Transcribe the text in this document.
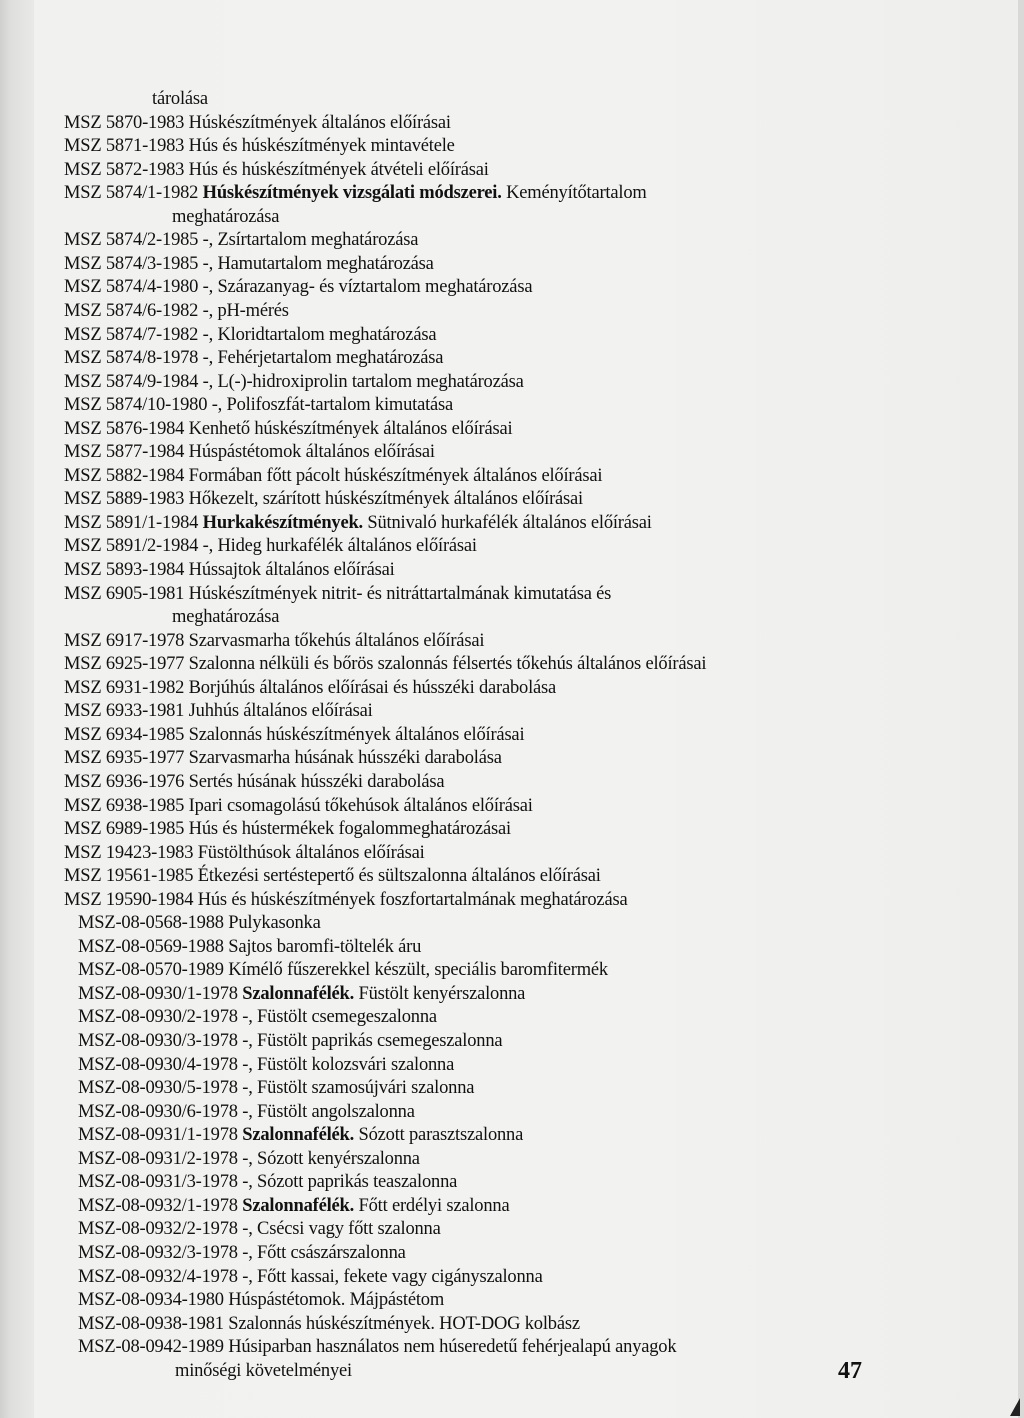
tárolása
MSZ 5870-1983 Húskészítmények általános előírásai
MSZ 5871-1983 Hús és húskészítmények mintavétele
MSZ 5872-1983 Hús és húskészítmények átvételi előírásai
MSZ 5874/1-1982 Húskészítmények vizsgálati módszerei. Keményítőtartalom
meghatározása
MSZ 5874/2-1985 -, Zsírtartalom meghatározása
MSZ 5874/3-1985 -, Hamutartalom meghatározása
MSZ 5874/4-1980 -, Szárazanyag- és víztartalom meghatározása
MSZ 5874/6-1982 -, pH-mérés
MSZ 5874/7-1982 -, Kloridtartalom meghatározása
MSZ 5874/8-1978 -, Fehérjetartalom meghatározása
MSZ 5874/9-1984 -, L(-)-hidroxiprolin tartalom meghatározása
MSZ 5874/10-1980 -, Polifoszfát-tartalom kimutatása
MSZ 5876-1984 Kenhető húskészítmények általános előírásai
MSZ 5877-1984 Húspástétomok általános előírásai
MSZ 5882-1984 Formában főtt pácolt húskészítmények általános előírásai
MSZ 5889-1983 Hőkezelt, szárított húskészítmények általános előírásai
MSZ 5891/1-1984 Hurkakészítmények. Sütnivaló hurkafélék általános előírásai
MSZ 5891/2-1984 -, Hideg hurkafélék általános előírásai
MSZ 5893-1984 Hússajtok általános előírásai
MSZ 6905-1981 Húskészítmények nitrit- és nitráttartalmának kimutatása és
meghatározása
MSZ 6917-1978 Szarvasmarha tőkehús általános előírásai
MSZ 6925-1977 Szalonna nélküli és bőrös szalonnás félsertés tőkehús általános előírásai
MSZ 6931-1982 Borjúhús általános előírásai és hússzéki darabolása
MSZ 6933-1981 Juhhús általános előírásai
MSZ 6934-1985 Szalonnás húskészítmények általános előírásai
MSZ 6935-1977 Szarvasmarha húsának hússzéki darabolása
MSZ 6936-1976 Sertés húsának hússzéki darabolása
MSZ 6938-1985 Ipari csomagolású tőkehúsok általános előírásai
MSZ 6989-1985 Hús és hústermékek fogalommeghatározásai
MSZ 19423-1983 Füstölthúsok általános előírásai
MSZ 19561-1985 Étkezési sertéstepertő és sültszalonna általános előírásai
MSZ 19590-1984 Hús és húskészítmények foszfortartalmának meghatározása
MSZ-08-0568-1988 Pulykasonka
MSZ-08-0569-1988 Sajtos baromfi-töltelék áru
MSZ-08-0570-1989 Kímélő fűszerekkel készült, speciális baromfitermék
MSZ-08-0930/1-1978 Szalonnafélék. Füstölt kenyérszalonna
MSZ-08-0930/2-1978 -, Füstölt csemegeszalonna
MSZ-08-0930/3-1978 -, Füstölt paprikás csemegeszalonna
MSZ-08-0930/4-1978 -, Füstölt kolozsvári szalonna
MSZ-08-0930/5-1978 -, Füstölt szamosújvári szalonna
MSZ-08-0930/6-1978 -, Füstölt angolszalonna
MSZ-08-0931/1-1978 Szalonnafélék. Sózott parasztszalonna
MSZ-08-0931/2-1978 -, Sózott kenyérszalonna
MSZ-08-0931/3-1978 -, Sózott paprikás teaszalonna
MSZ-08-0932/1-1978 Szalonnafélék. Főtt erdélyi szalonna
MSZ-08-0932/2-1978 -, Csécsi vagy főtt szalonna
MSZ-08-0932/3-1978 -, Főtt császárszalonna
MSZ-08-0932/4-1978 -, Főtt kassai, fekete vagy cigányszalonna
MSZ-08-0934-1980 Húspástétomok. Májpástétom
MSZ-08-0938-1981 Szalonnás húskészítmények. HOT-DOG kolbász
MSZ-08-0942-1989 Húsiparban használatos nem húseredetű fehérjealapú anyagok
minőségi követelményei	47
